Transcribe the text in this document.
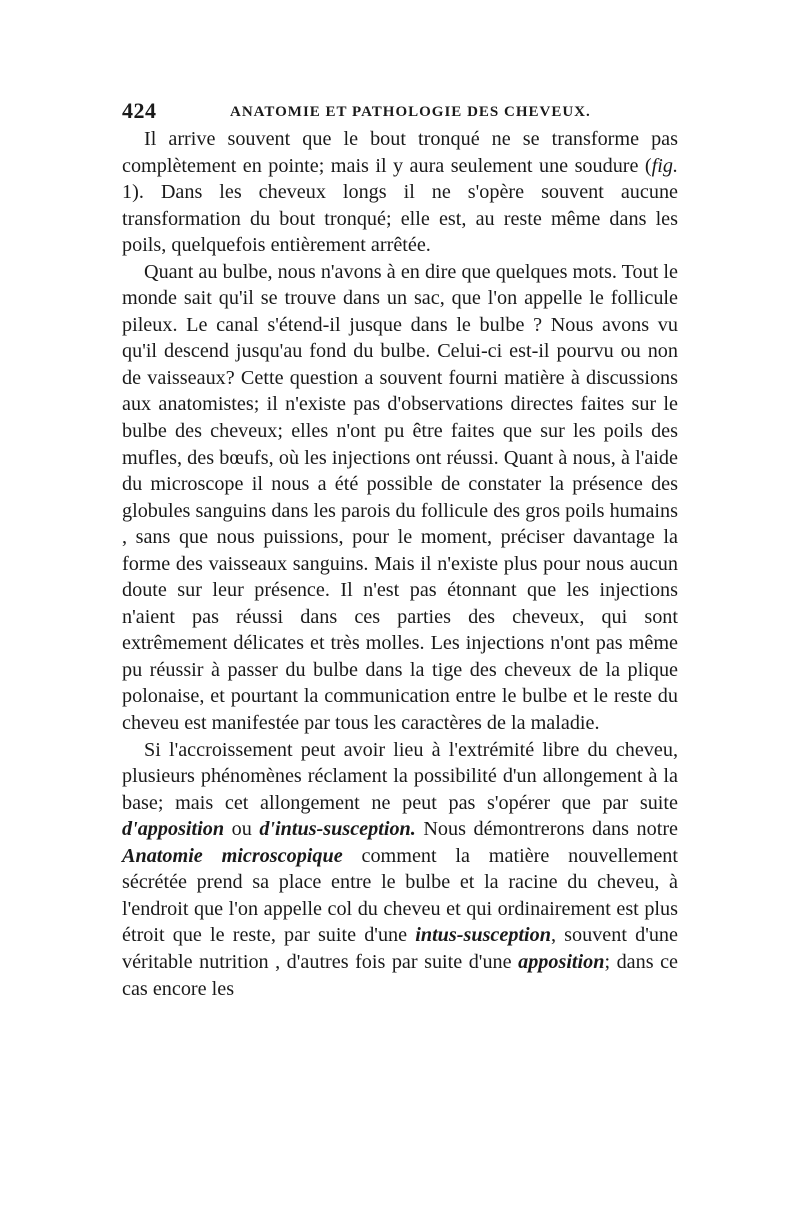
424	ANATOMIE ET PATHOLOGIE DES CHEVEUX.

Il arrive souvent que le bout tronqué ne se transforme pas complètement en pointe; mais il y aura seulement une soudure (fig. 1). Dans les cheveux longs il ne s'opère souvent aucune transformation du bout tronqué; elle est, au reste même dans les poils, quelquefois entièrement arrêtée.

Quant au bulbe, nous n'avons à en dire que quelques mots. Tout le monde sait qu'il se trouve dans un sac, que l'on appelle le follicule pileux. Le canal s'étend-il jusque dans le bulbe ? Nous avons vu qu'il descend jusqu'au fond du bulbe. Celui-ci est-il pourvu ou non de vaisseaux? Cette question a souvent fourni matière à discussions aux anatomistes; il n'existe pas d'observations directes faites sur le bulbe des cheveux; elles n'ont pu être faites que sur les poils des mufles, des bœufs, où les injections ont réussi. Quant à nous, à l'aide du microscope il nous a été possible de constater la présence des globules sanguins dans les parois du follicule des gros poils humains , sans que nous puissions, pour le moment, préciser davantage la forme des vaisseaux sanguins. Mais il n'existe plus pour nous aucun doute sur leur présence. Il n'est pas étonnant que les injections n'aient pas réussi dans ces parties des cheveux, qui sont extrêmement délicates et très molles. Les injections n'ont pas même pu réussir à passer du bulbe dans la tige des cheveux de la plique polonaise, et pourtant la communication entre le bulbe et le reste du cheveu est manifestée par tous les caractères de la maladie.

Si l'accroissement peut avoir lieu à l'extrémité libre du cheveu, plusieurs phénomènes réclament la possibilité d'un allongement à la base; mais cet allongement ne peut pas s'opérer que par suite d'apposition ou d'intus-susception. Nous démontrerons dans notre Anatomie microscopique comment la matière nouvellement sécrétée prend sa place entre le bulbe et la racine du cheveu, à l'endroit que l'on appelle col du cheveu et qui ordinairement est plus étroit que le reste, par suite d'une intus-susception, souvent d'une véritable nutrition , d'autres fois par suite d'une apposition; dans ce cas encore les
